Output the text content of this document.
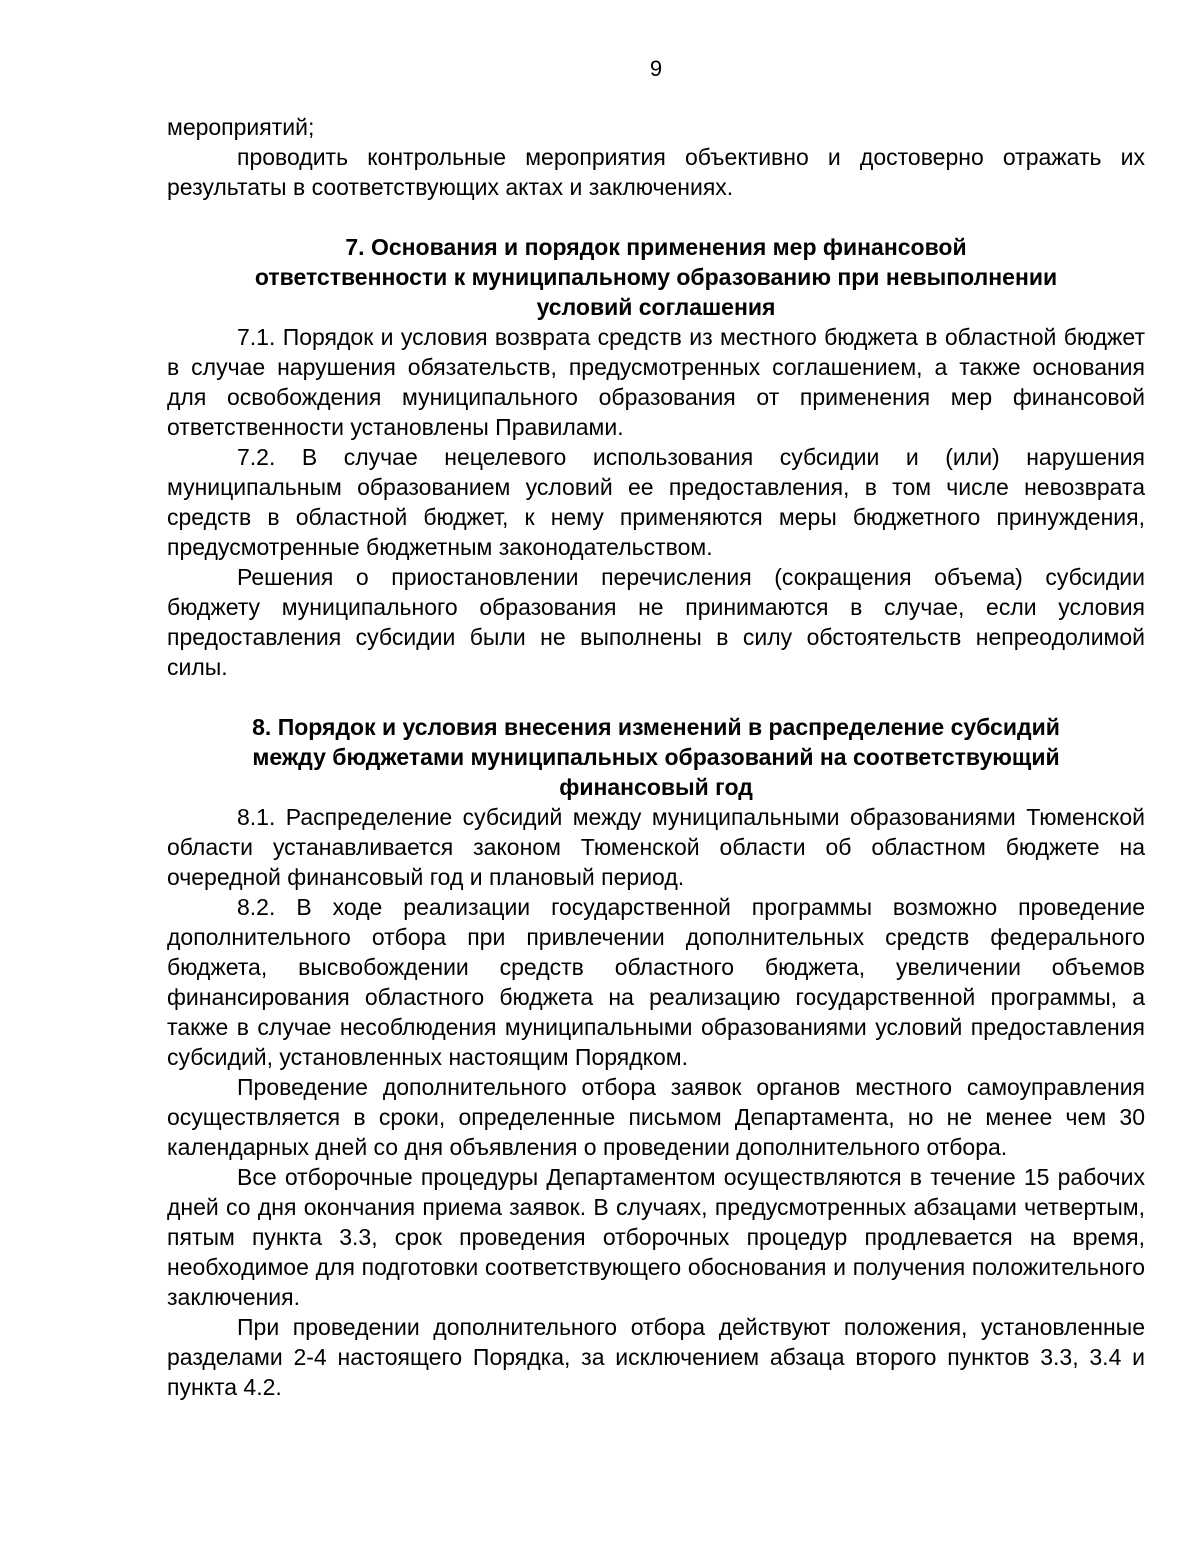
9

мероприятий;

проводить контрольные мероприятия объективно и достоверно отражать их результаты в соответствующих актах и заключениях.

7. Основания и порядок применения мер финансовой
ответственности к муниципальному образованию при невыполнении
условий соглашения

7.1. Порядок и условия возврата средств из местного бюджета в областной бюджет в случае нарушения обязательств, предусмотренных соглашением, а также основания для освобождения муниципального образования от применения мер финансовой ответственности установлены Правилами.

7.2. В случае нецелевого использования субсидии и (или) нарушения муниципальным образованием условий ее предоставления, в том числе невозврата средств в областной бюджет, к нему применяются меры бюджетного принуждения, предусмотренные бюджетным законодательством.

Решения о приостановлении перечисления (сокращения объема) субсидии бюджету муниципального образования не принимаются в случае, если условия предоставления субсидии были не выполнены в силу обстоятельств непреодолимой силы.

8. Порядок и условия внесения изменений в распределение субсидий
между бюджетами муниципальных образований на соответствующий
финансовый год

8.1. Распределение субсидий между муниципальными образованиями Тюменской области устанавливается законом Тюменской области об областном бюджете на очередной финансовый год и плановый период.

8.2. В ходе реализации государственной программы возможно проведение дополнительного отбора при привлечении дополнительных средств федерального бюджета, высвобождении средств областного бюджета, увеличении объемов финансирования областного бюджета на реализацию государственной программы, а также в случае несоблюдения муниципальными образованиями условий предоставления субсидий, установленных настоящим Порядком.

Проведение дополнительного отбора заявок органов местного самоуправления осуществляется в сроки, определенные письмом Департамента, но не менее чем 30 календарных дней со дня объявления о проведении дополнительного отбора.

Все отборочные процедуры Департаментом осуществляются в течение 15 рабочих дней со дня окончания приема заявок. В случаях, предусмотренных абзацами четвертым, пятым пункта 3.3, срок проведения отборочных процедур продлевается на время, необходимое для подготовки соответствующего обоснования и получения положительного заключения.

При проведении дополнительного отбора действуют положения, установленные разделами 2-4 настоящего Порядка, за исключением абзаца второго пунктов 3.3, 3.4 и пункта 4.2.
